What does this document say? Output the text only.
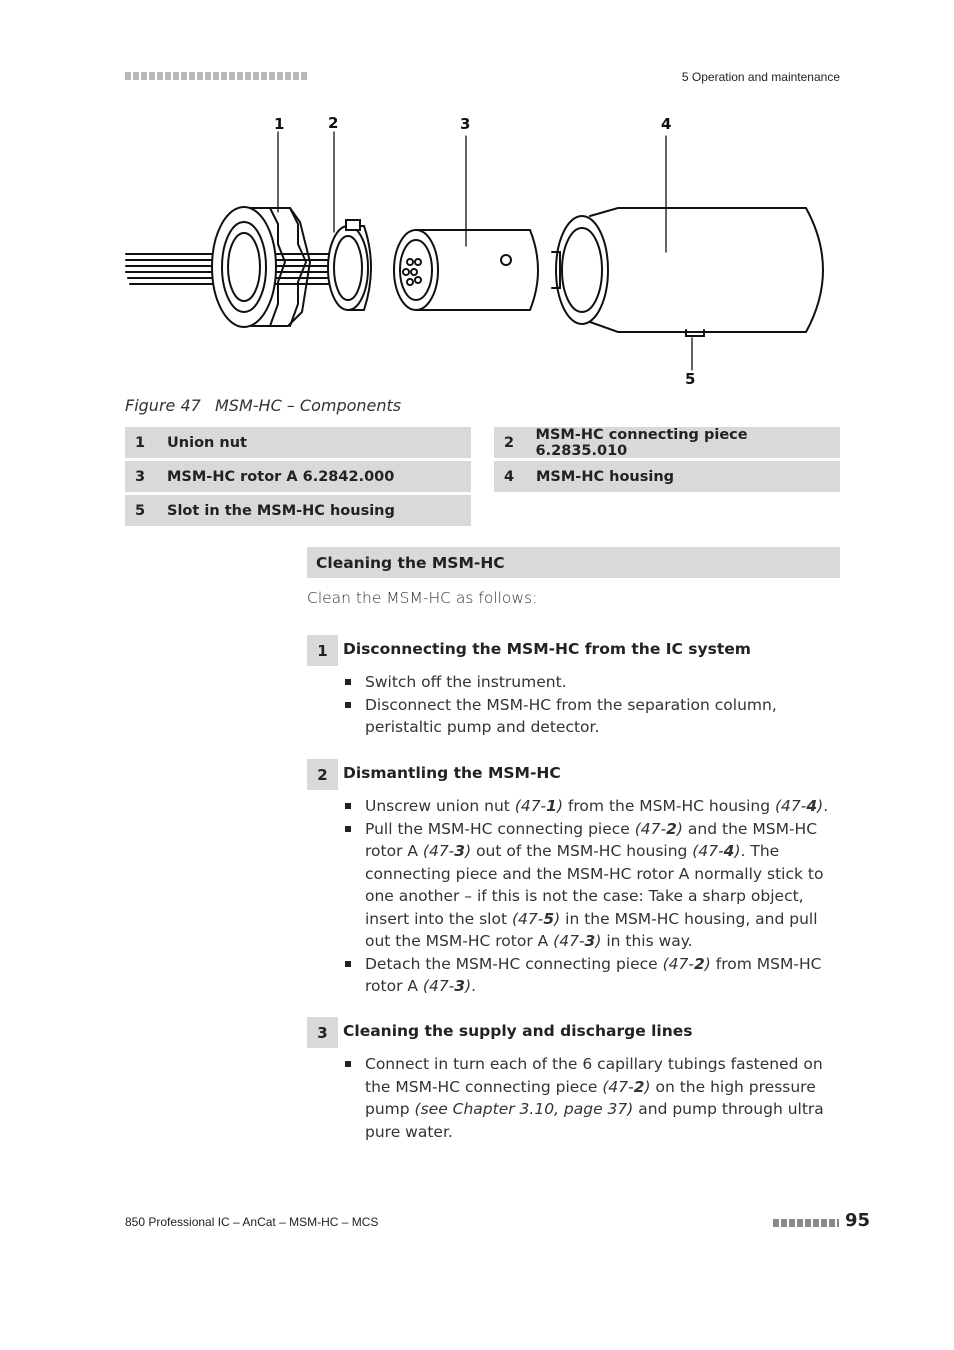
5 Operation and maintenance
1	2	3	4
5
Figure 47 MSM-HC – Components
1	Union nut	2	MSM-HC connecting piece 6.2835.010
3	MSM-HC rotor A 6.2842.000	4	MSM-HC housing
5	Slot in the MSM-HC housing
Cleaning the MSM-HC
Clean the MSM-HC as follows:
1 Disconnecting the MSM-HC from the IC system
Switch off the instrument.
Disconnect the MSM-HC from the separation column, peristaltic pump and detector.
2 Dismantling the MSM-HC
Unscrew union nut (47-1) from the MSM-HC housing (47-4).
Pull the MSM-HC connecting piece (47-2) and the MSM-HC rotor A (47-3) out of the MSM-HC housing (47-4). The connecting piece and the MSM-HC rotor A normally stick to one another – if this is not the case: Take a sharp object, insert into the slot (47-5) in the MSM-HC housing, and pull out the MSM-HC rotor A (47-3) in this way.
Detach the MSM-HC connecting piece (47-2) from MSM-HC rotor A (47-3).
3 Cleaning the supply and discharge lines
Connect in turn each of the 6 capillary tubings fastened on the MSM-HC connecting piece (47-2) on the high pressure pump (see Chapter 3.10, page 37) and pump through ultra pure water.
850 Professional IC – AnCat – MSM-HC – MCS	95
